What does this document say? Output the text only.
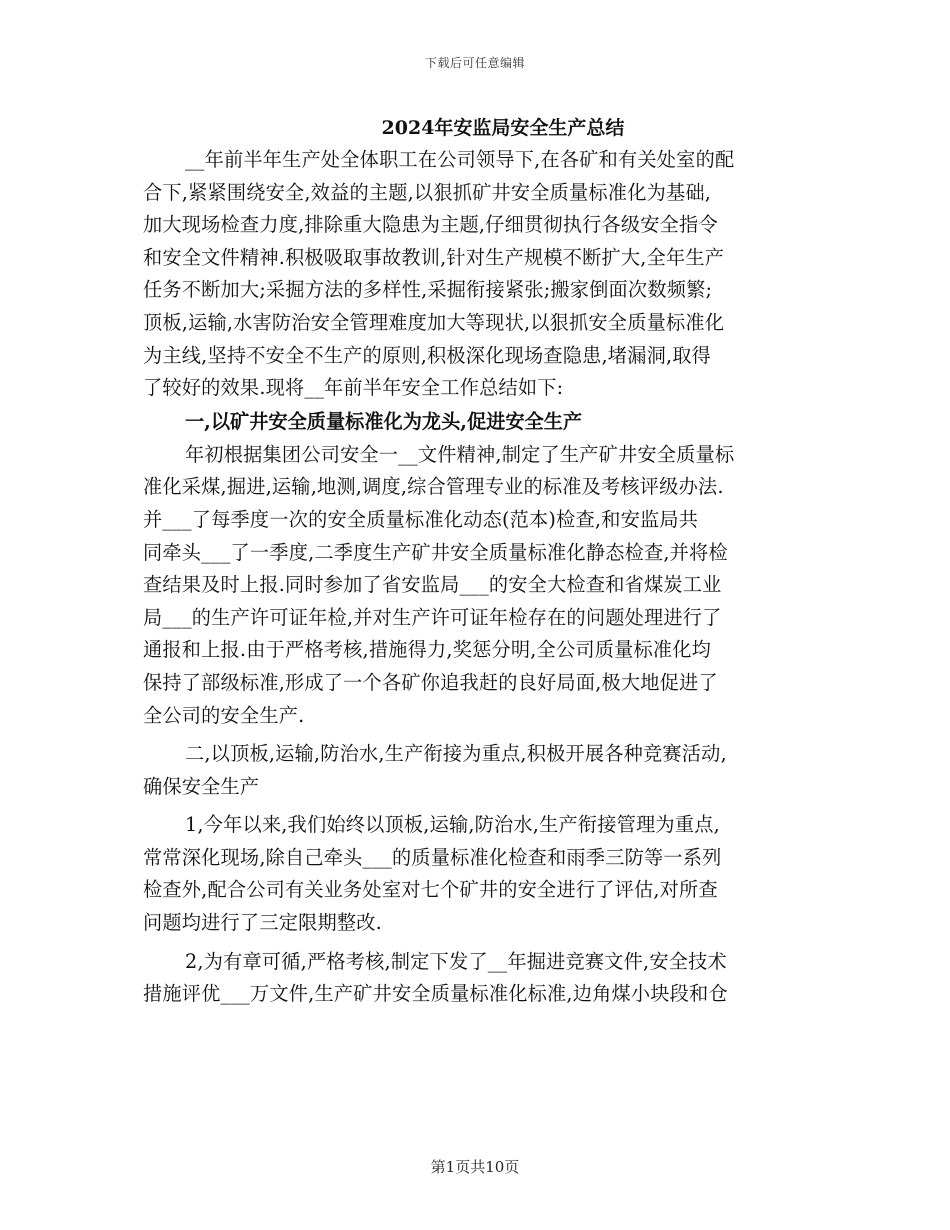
下载后可任意编辑
2024年安监局安全生产总结
__年前半年生产处全体职工在公司领导下,在各矿和有关处室的配
合下,紧紧围绕安全,效益的主题,以狠抓矿井安全质量标准化为基础,
加大现场检查力度,排除重大隐患为主题,仔细贯彻执行各级安全指令
和安全文件精神.积极吸取事故教训,针对生产规模不断扩大,全年生产
任务不断加大;采掘方法的多样性,采掘衔接紧张;搬家倒面次数频繁;
顶板,运输,水害防治安全管理难度加大等现状,以狠抓安全质量标准化
为主线,坚持不安全不生产的原则,积极深化现场查隐患,堵漏洞,取得
了较好的效果.现将__年前半年安全工作总结如下:
一,以矿井安全质量标准化为龙头,促进安全生产
年初根据集团公司安全一__文件精神,制定了生产矿井安全质量标
准化采煤,掘进,运输,地测,调度,综合管理专业的标准及考核评级办法.
并___了每季度一次的安全质量标准化动态(范本)检查,和安监局共
同牵头___了一季度,二季度生产矿井安全质量标准化静态检查,并将检
查结果及时上报.同时参加了省安监局___的安全大检查和省煤炭工业
局___的生产许可证年检,并对生产许可证年检存在的问题处理进行了
通报和上报.由于严格考核,措施得力,奖惩分明,全公司质量标准化均
保持了部级标准,形成了一个各矿你追我赶的良好局面,极大地促进了
全公司的安全生产.
二,以顶板,运输,防治水,生产衔接为重点,积极开展各种竞赛活动,
确保安全生产
1,今年以来,我们始终以顶板,运输,防治水,生产衔接管理为重点,
常常深化现场,除自己牵头___的质量标准化检查和雨季三防等一系列
检查外,配合公司有关业务处室对七个矿井的安全进行了评估,对所查
问题均进行了三定限期整改.
2,为有章可循,严格考核,制定下发了__年掘进竞赛文件,安全技术
措施评优___万文件,生产矿井安全质量标准化标准,边角煤小块段和仓
第1页共10页
